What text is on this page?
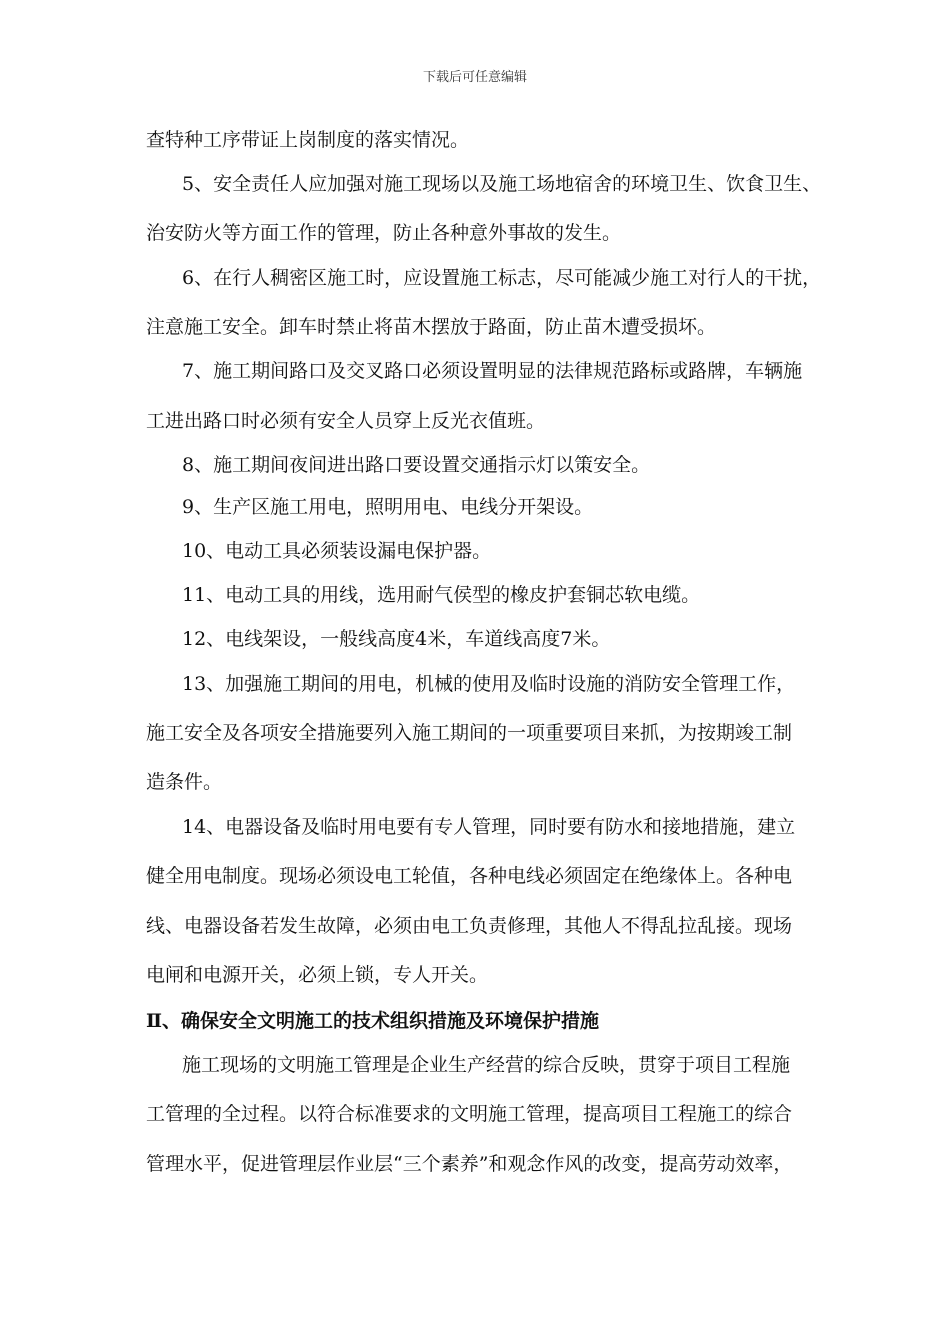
下载后可任意编辑
查特种工序带证上岗制度的落实情况。
5、安全责任人应加强对施工现场以及施工场地宿舍的环境卫生、饮食卫生、
治安防火等方面工作的管理，防止各种意外事故的发生。
6、在行人稠密区施工时，应设置施工标志，尽可能减少施工对行人的干扰，
注意施工安全。卸车时禁止将苗木摆放于路面，防止苗木遭受损坏。
7、施工期间路口及交叉路口必须设置明显的法律规范路标或路牌，车辆施
工进出路口时必须有安全人员穿上反光衣值班。
8、施工期间夜间进出路口要设置交通指示灯以策安全。
9、生产区施工用电，照明用电、电线分开架设。
10、电动工具必须装设漏电保护器。
11、电动工具的用线，选用耐气侯型的橡皮护套铜芯软电缆。
12、电线架设，一般线高度4米，车道线高度7米。
13、加强施工期间的用电，机械的使用及临时设施的消防安全管理工作，
施工安全及各项安全措施要列入施工期间的一项重要项目来抓，为按期竣工制
造条件。
14、电器设备及临时用电要有专人管理，同时要有防水和接地措施，建立
健全用电制度。现场必须设电工轮值，各种电线必须固定在绝缘体上。各种电
线、电器设备若发生故障，必须由电工负责修理，其他人不得乱拉乱接。现场
电闸和电源开关，必须上锁，专人开关。
Ⅱ、确保安全文明施工的技术组织措施及环境保护措施
施工现场的文明施工管理是企业生产经营的综合反映，贯穿于项目工程施
工管理的全过程。以符合标准要求的文明施工管理，提高项目工程施工的综合
管理水平，促进管理层作业层“三个素养”和观念作风的改变，提高劳动效率，
